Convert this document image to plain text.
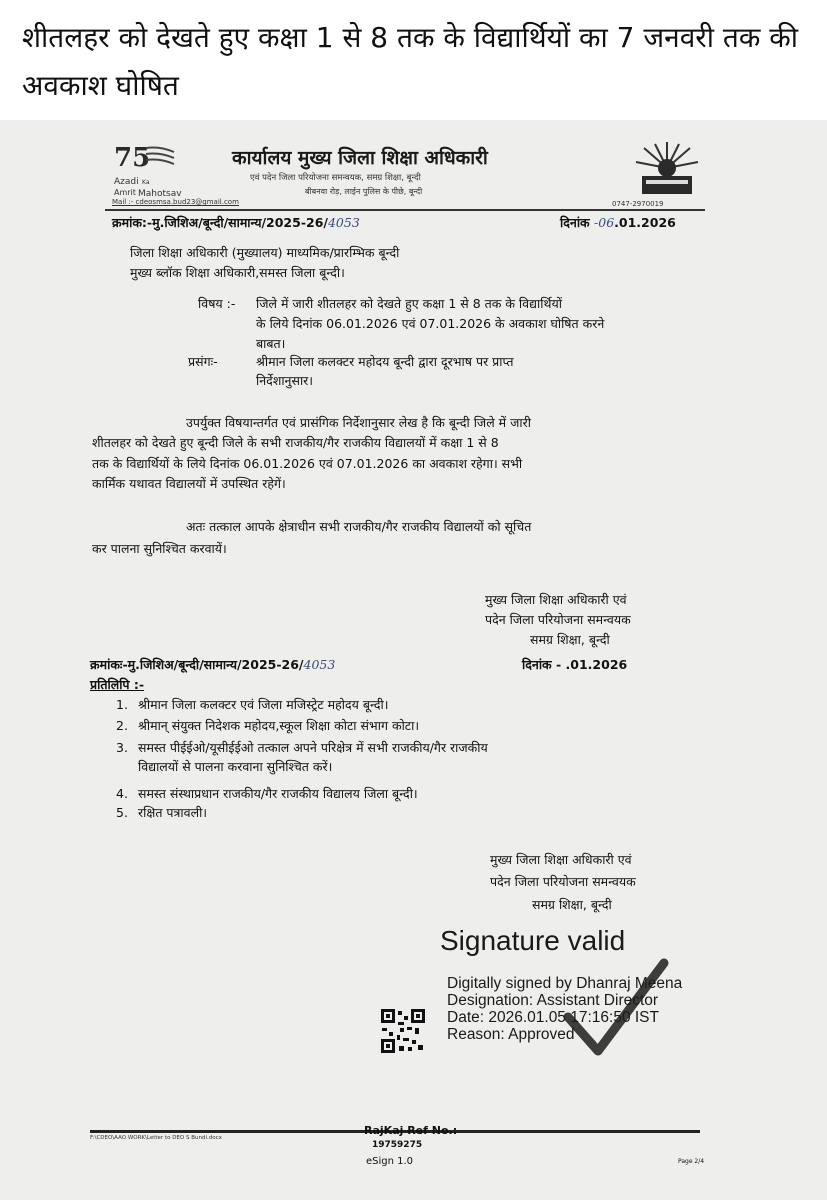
शीतलहर को देखते हुए कक्षा 1 से 8 तक के विद्यार्थियों का 7 जनवरी तक की अवकाश घोषित
75
Azadi Ka
Amrit Mahotsav
कार्यालय मुख्य जिला शिक्षा अधिकारी
एवं पदेन जिला परियोजना समन्वयक, समग्र शिक्षा, बून्दी
बीबनवा रोड़, लाईन पुलिस के पीछे, बून्दी
Mail :- cdeosmsa.bud23@gmail.com	0747-2970019
क्रमांक:-मु.जिशिअ/बून्दी/सामान्य/2025-26/4053	दिनांक -06.01.2026
जिला शिक्षा अधिकारी (मुख्यालय) माध्यमिक/प्रारम्भिक बून्दी
मुख्य ब्लॉक शिक्षा अधिकारी,समस्त जिला बून्दी।
विषय :- जिले में जारी शीतलहर को देखते हुए कक्षा 1 से 8 तक के विद्यार्थियों
के लिये दिनांक 06.01.2026 एवं 07.01.2026 के अवकाश घोषित करने
बाबत।
प्रसंगः-	श्रीमान जिला कलक्टर महोदय बून्दी द्वारा दूरभाष पर प्राप्त
निर्देशानुसार।
उपर्युक्त विषयान्तर्गत एवं प्रासंगिक निर्देशानुसार लेख है कि बून्दी जिले में जारी
शीतलहर को देखते हुए बून्दी जिले के सभी राजकीय/गैर राजकीय विद्यालयों में कक्षा 1 से 8
तक के विद्यार्थियों के लिये दिनांक 06.01.2026 एवं 07.01.2026 का अवकाश रहेगा। सभी
कार्मिक यथावत विद्यालयों में उपस्थित रहेगें।
अतः तत्काल आपके क्षेत्राधीन सभी राजकीय/गैर राजकीय विद्यालयों को सूचित
कर पालना सुनिश्चित करवायें।
मुख्य जिला शिक्षा अधिकारी एवं
पदेन जिला परियोजना समन्वयक
समग्र शिक्षा, बून्दी
क्रमांकः-मु.जिशिअ/बून्दी/सामान्य/2025-26/4053	दिनांक - .01.2026
प्रतिलिपि :-
1. श्रीमान जिला कलक्टर एवं जिला मजिस्ट्रेट महोदय बून्दी।
2. श्रीमान् संयुक्त निदेशक महोदय,स्कूल शिक्षा कोटा संभाग कोटा।
3. समस्त पीईईओ/यूसीईईओ तत्काल अपने परिक्षेत्र में सभी राजकीय/गैर राजकीय
विद्यालयों से पालना करवाना सुनिश्चित करें।
4. समस्त संस्थाप्रधान राजकीय/गैर राजकीय विद्यालय जिला बून्दी।
5. रक्षित पत्रावली।
मुख्य जिला शिक्षा अधिकारी एवं
पदेन जिला परियोजना समन्वयक
समग्र शिक्षा, बून्दी
Signature valid
Digitally signed by Dhanraj Meena
Designation: Assistant Director
Date: 2026.01.05 17:16:50 IST
Reason: Approved
F:\CDEO\AAO WORK\Letter to DEO S Bundi.docx
RajKaj Ref No.:
19759275
eSign 1.0	Page 2/4
